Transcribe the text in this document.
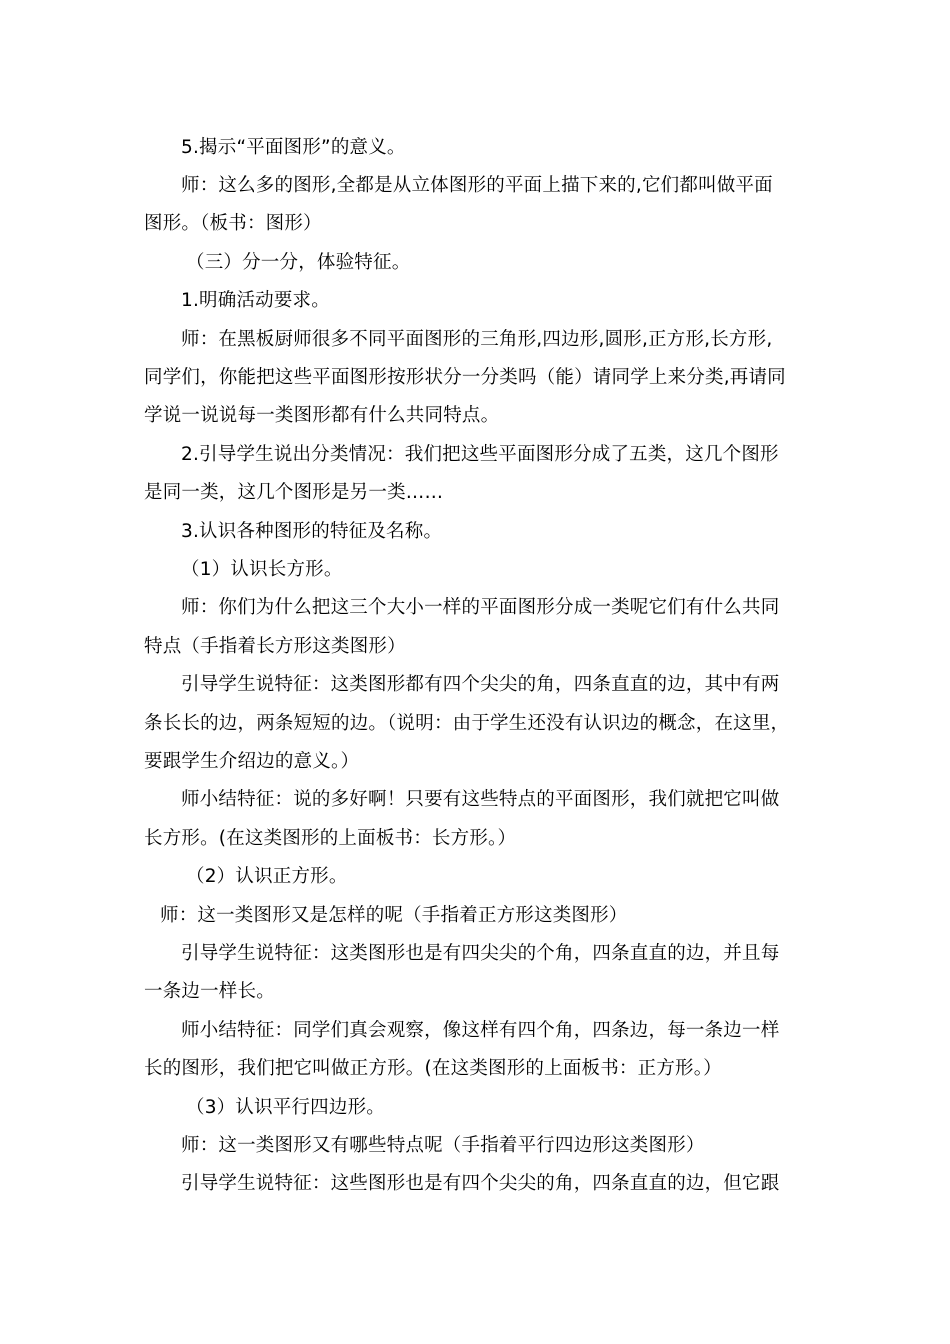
5.揭示“平面图形”的意义。

师：这么多的图形,全都是从立体图形的平面上描下来的,它们都叫做平面

图形。（板书：图形）

（三）分一分，体验特征。

1.明确活动要求。

师：在黑板厨师很多不同平面图形的三角形,四边形,圆形,正方形,长方形,

同学们，你能把这些平面图形按形状分一分类吗（能）请同学上来分类,再请同

学说一说说每一类图形都有什么共同特点。

2.引导学生说出分类情况：我们把这些平面图形分成了五类，这几个图形

是同一类，这几个图形是另一类……

3.认识各种图形的特征及名称。

（1）认识长方形。

师：你们为什么把这三个大小一样的平面图形分成一类呢它们有什么共同

特点（手指着长方形这类图形）

引导学生说特征：这类图形都有四个尖尖的角，四条直直的边，其中有两

条长长的边，两条短短的边。（说明：由于学生还没有认识边的概念，在这里，

要跟学生介绍边的意义。）

师小结特征：说的多好啊！只要有这些特点的平面图形，我们就把它叫做

长方形。(在这类图形的上面板书：长方形。）

（2）认识正方形。

师：这一类图形又是怎样的呢（手指着正方形这类图形）

引导学生说特征：这类图形也是有四尖尖的个角，四条直直的边，并且每

一条边一样长。

师小结特征：同学们真会观察，像这样有四个角，四条边，每一条边一样

长的图形，我们把它叫做正方形。(在这类图形的上面板书：正方形。）

（3）认识平行四边形。

师：这一类图形又有哪些特点呢（手指着平行四边形这类图形）

引导学生说特征：这些图形也是有四个尖尖的角，四条直直的边，但它跟
